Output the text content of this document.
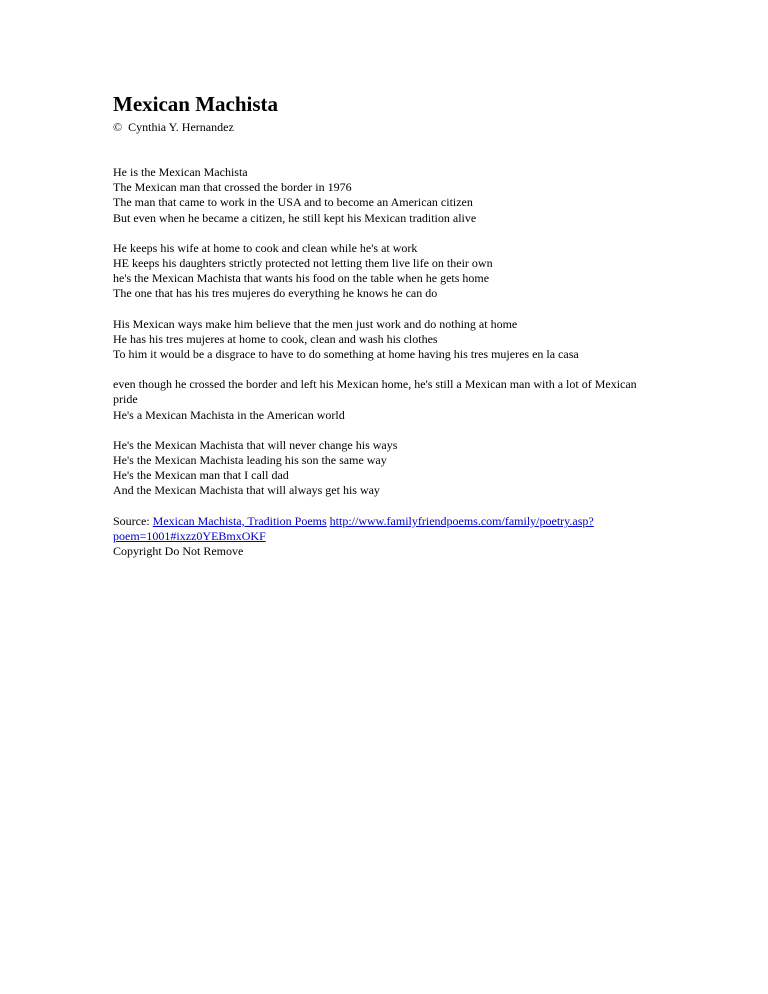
Mexican Machista
© Cynthia Y. Hernandez
He is the Mexican Machista
The Mexican man that crossed the border in 1976
The man that came to work in the USA and to become an American citizen
But even when he became a citizen, he still kept his Mexican tradition alive
He keeps his wife at home to cook and clean while he's at work
HE keeps his daughters strictly protected not letting them live life on their own
he's the Mexican Machista that wants his food on the table when he gets home
The one that has his tres mujeres do everything he knows he can do
His Mexican ways make him believe that the men just work and do nothing at home
He has his tres mujeres at home to cook, clean and wash his clothes
To him it would be a disgrace to have to do something at home having his tres mujeres en la casa
even though he crossed the border and left his Mexican home, he's still a Mexican man with a lot of Mexican pride
He's a Mexican Machista in the American world
He's the Mexican Machista that will never change his ways
He's the Mexican Machista leading his son the same way
He's the Mexican man that I call dad
And the Mexican Machista that will always get his way
Source: Mexican Machista, Tradition Poems http://www.familyfriendpoems.com/family/poetry.asp?poem=1001#ixzz0YEBmxOKF
Copyright Do Not Remove
